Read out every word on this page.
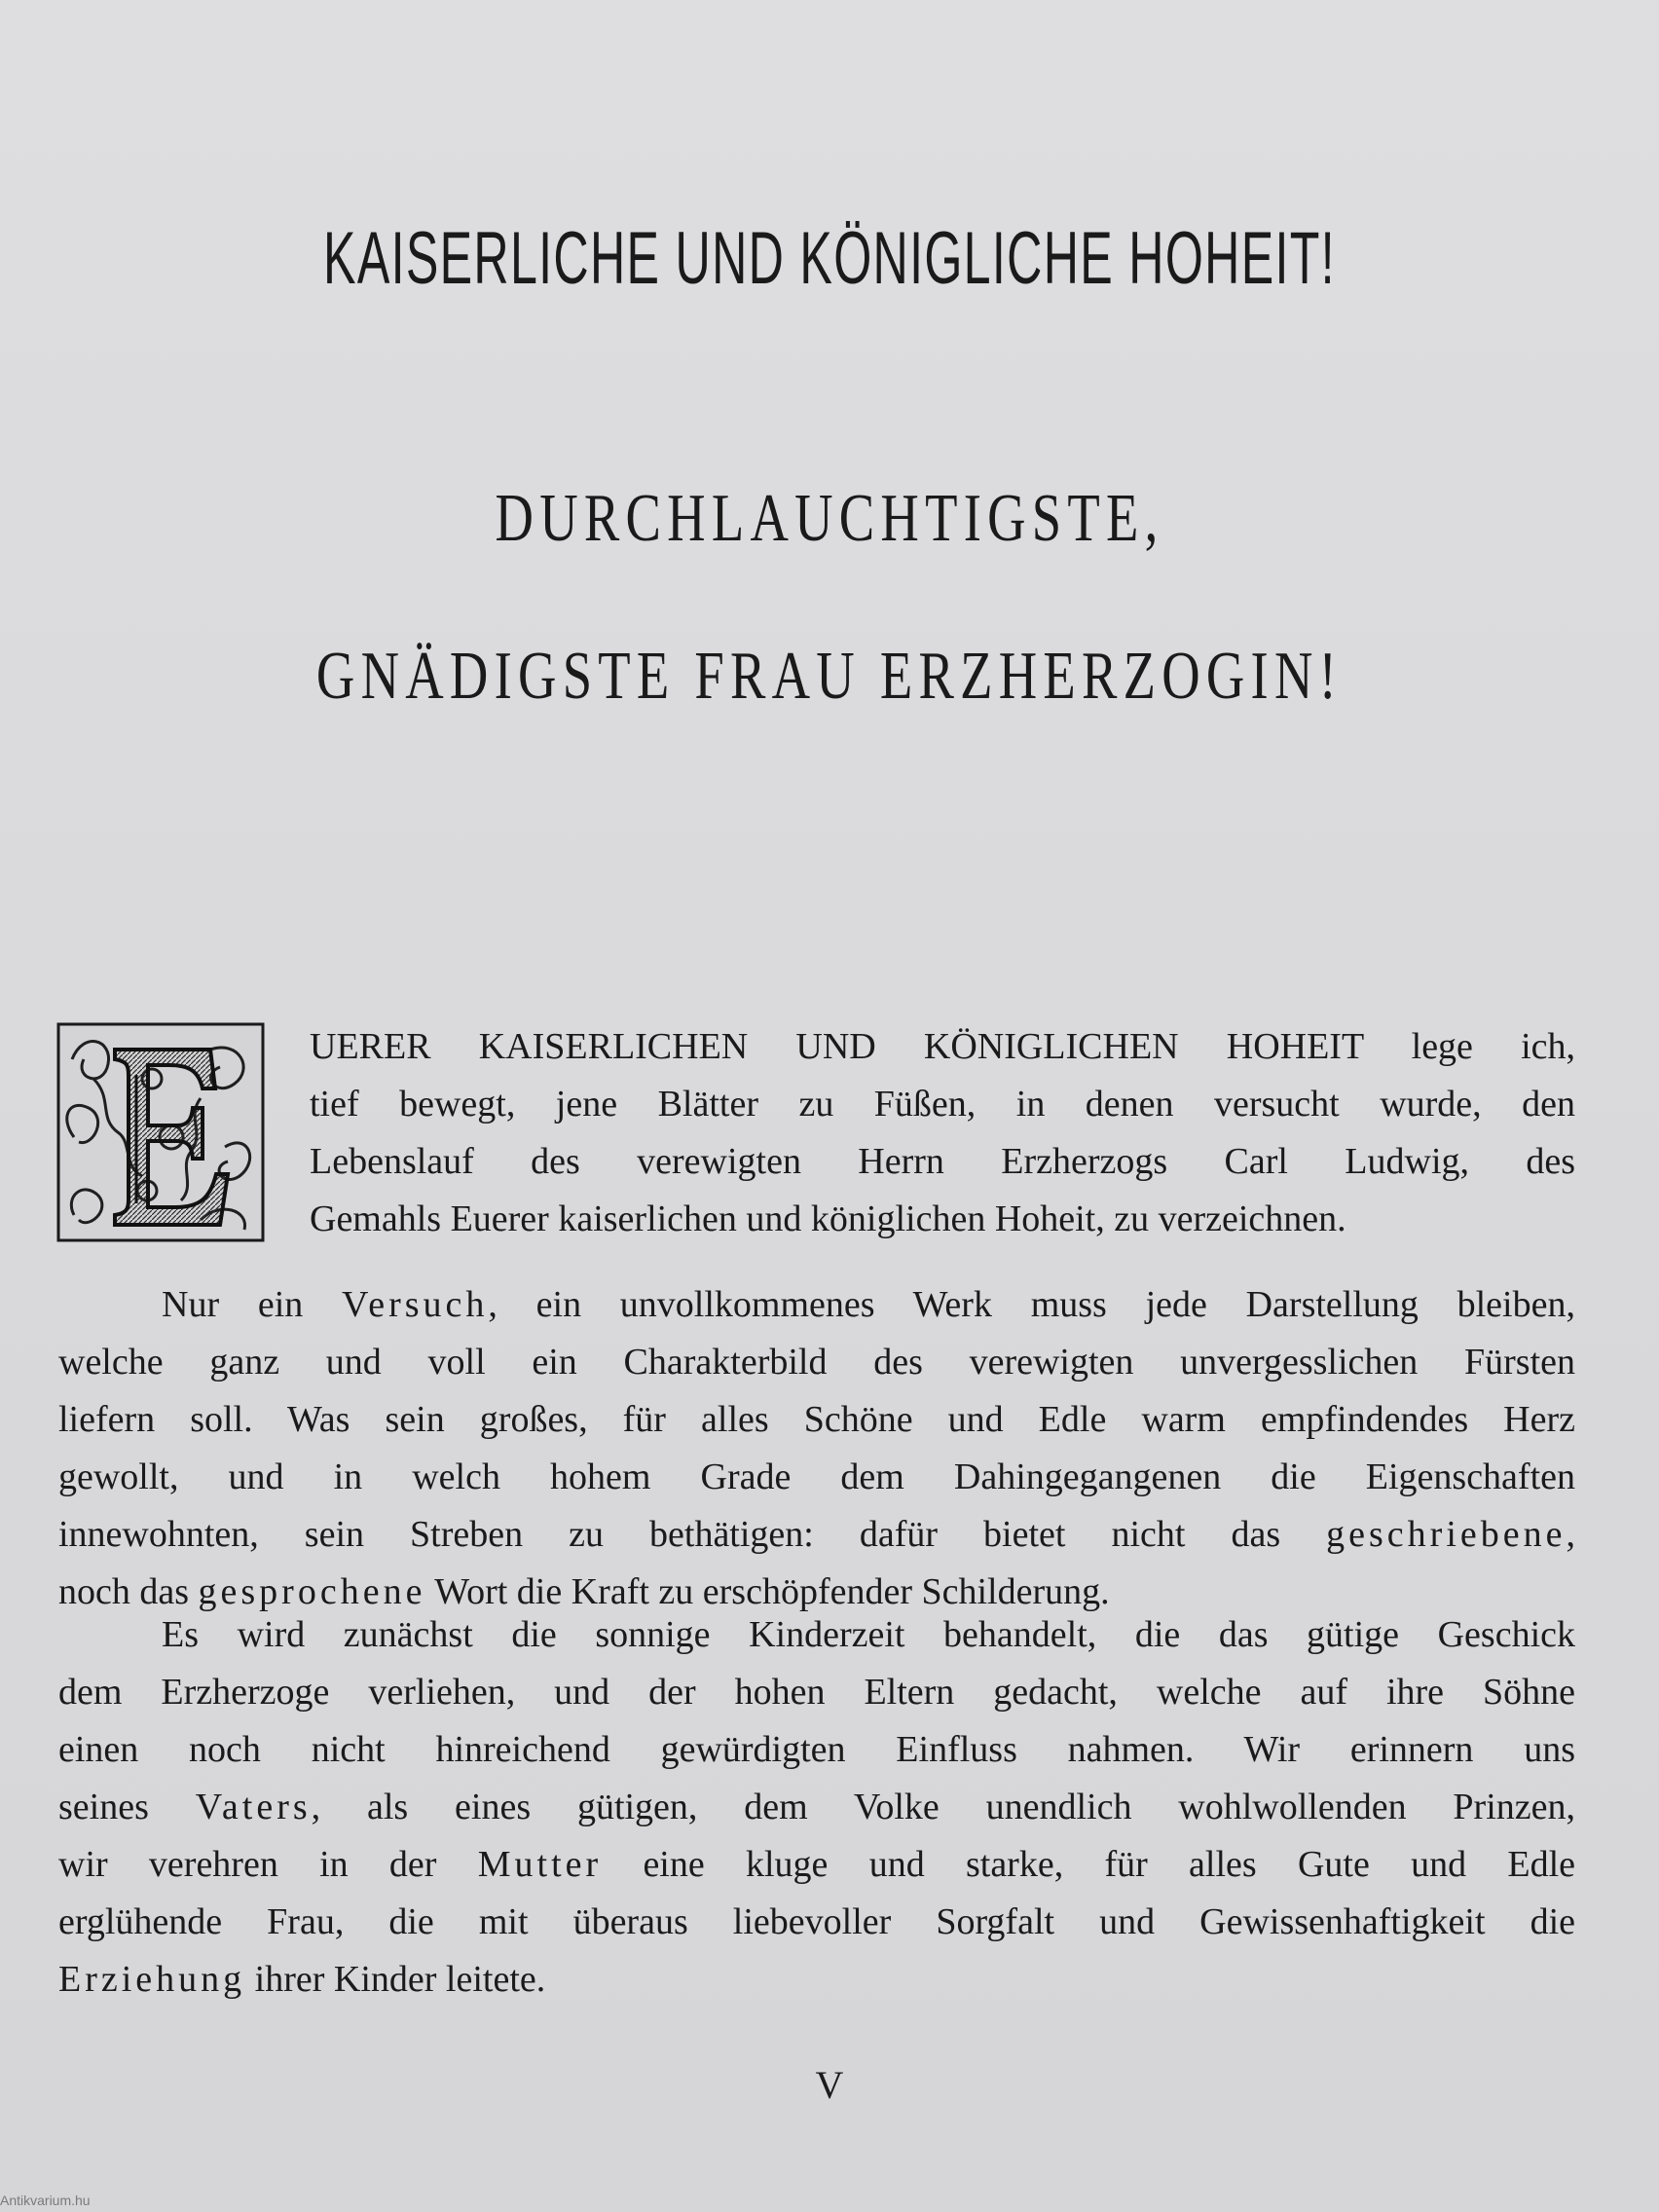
KAISERLICHE UND KÖNIGLICHE HOHEIT!
DURCHLAUCHTIGSTE,
GNÄDIGSTE FRAU ERZHERZOGIN!
UERER KAISERLICHEN UND KÖNIGLICHEN HOHEIT lege ich,
tief bewegt, jene Blätter zu Füßen, in denen versucht wurde, den
Lebenslauf des verewigten Herrn Erzherzogs Carl Ludwig, des
Gemahls Euerer kaiserlichen und königlichen Hoheit, zu verzeichnen.
Nur ein Versuch, ein unvollkommenes Werk muss jede Darstellung bleiben,
welche ganz und voll ein Charakterbild des verewigten unvergesslichen Fürsten
liefern soll. Was sein großes, für alles Schöne und Edle warm empfindendes Herz
gewollt, und in welch hohem Grade dem Dahingegangenen die Eigenschaften
innewohnten, sein Streben zu bethätigen: dafür bietet nicht das geschriebene,
noch das gesprochene Wort die Kraft zu erschöpfender Schilderung.
Es wird zunächst die sonnige Kinderzeit behandelt, die das gütige Geschick
dem Erzherzoge verliehen, und der hohen Eltern gedacht, welche auf ihre Söhne
einen noch nicht hinreichend gewürdigten Einfluss nahmen. Wir erinnern uns
seines Vaters, als eines gütigen, dem Volke unendlich wohlwollenden Prinzen,
wir verehren in der Mutter eine kluge und starke, für alles Gute und Edle
erglühende Frau, die mit überaus liebevoller Sorgfalt und Gewissenhaftigkeit die
Erziehung ihrer Kinder leitete.
V
Antikvarium.hu
